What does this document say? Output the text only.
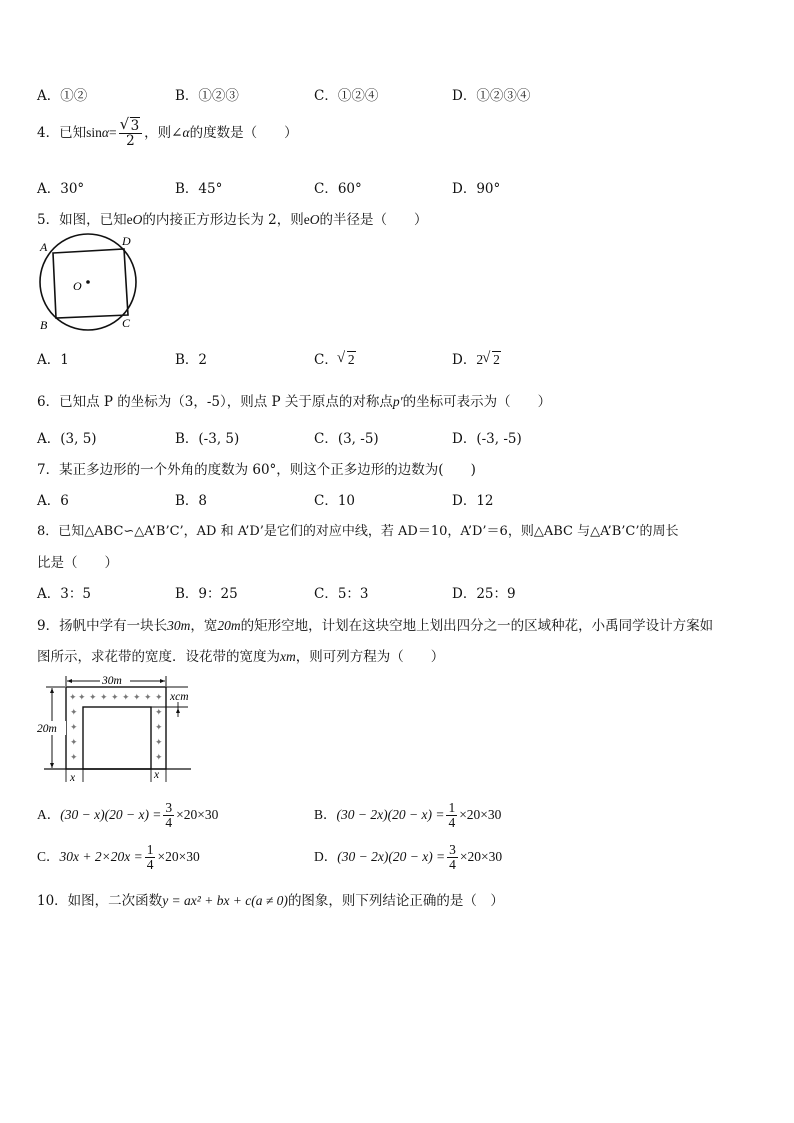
A．①②	B．①②③	C．①②④	D．①②③④
4．已知sinα= √ $\frac{3}{2}$ ，则∠α的度数是（　　）
A．30°	B．45°	C．60°	D．90°
5．如图，已知eO的内接正方形边长为 2，则eO的半径是（　　）
A	D
B	C
O
A．1	B．2	C． √ 2	D．2 √ 2
6．已知点 P 的坐标为（3，-5），则点 P 关于原点的对称点p′的坐标可表示为（　　）
A．(3, 5)	B．(-3, 5)	C．(3, -5)	D．(-3, -5)
7．某正多边形的一个外角的度数为 60°，则这个正多边形的边数为(　　)
A．6	B．8	C．10	D．12
8．已知△ABC∽△A’B’C’，AD 和 A’D’是它们的对应中线，若 AD＝10，A’D’＝6，则△ABC 与△A’B’C’的周长
比是（　　）
A．3：5	B．9：25	C．5：3	D．25：9
9．扬帆中学有一块长30m，宽20m的矩形空地，计划在这块空地上划出四分之一的区域种花，小禹同学设计方案如
图所示，求花带的宽度．设花带的宽度为xm，则可列方程为（　　）
30m
20m
xcm
x	x
✦ ✦ ✦ ✦ ✦ ✦ ✦ ✦ ✦
✦
✦
✦
✦
✦
✦
✦
✦
A．$(30 - x)(20 - x) = \frac{3}{4} \times 20\times 30$	B．$(30 - 2x)(20 - x) = \frac{1}{4} \times 20\times 30$
C．$30x + 2\times 20x = \frac{1}{4} \times 20\times 30$	D．$(30 - 2x)(20 - x) = \frac{3}{4} \times 20\times 30$
10．如图，二次函数y = ax² + bx + c(a ≠ 0)的图象，则下列结论正确的是（　）
